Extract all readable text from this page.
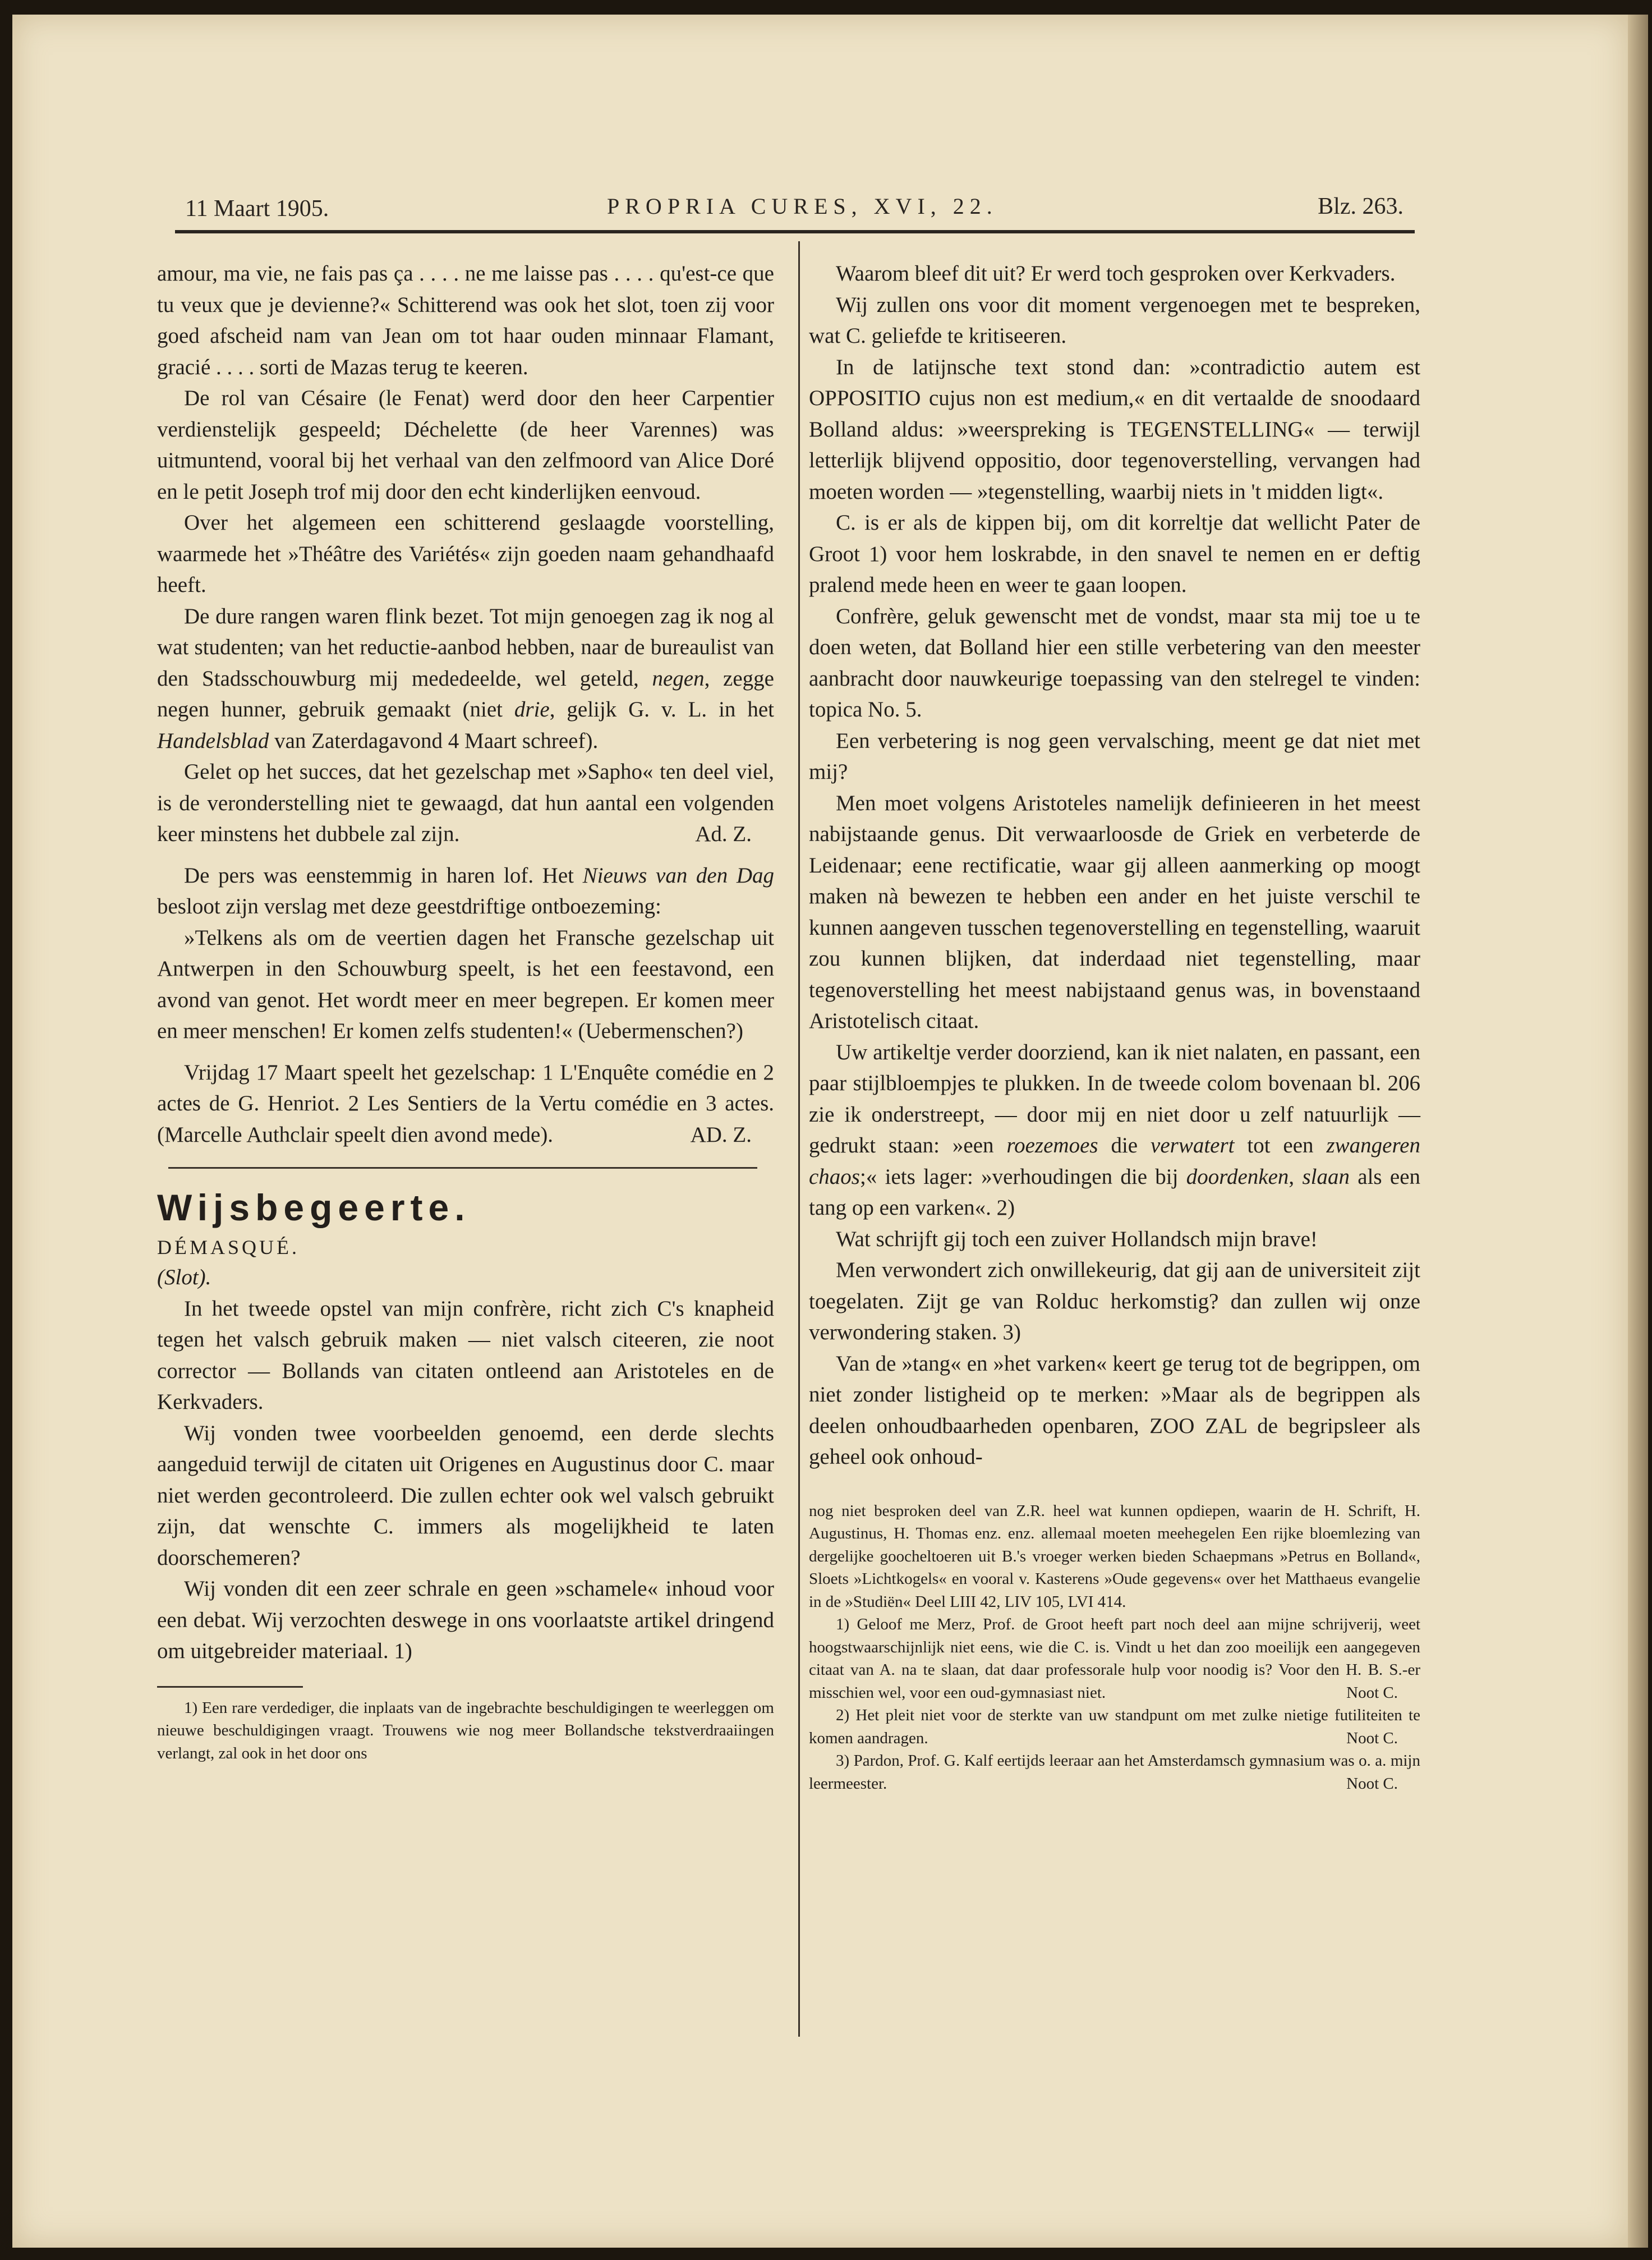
11 Maart 1905.	PROPRIA CURES, XVI, 22.	Blz. 263.

amour, ma vie, ne fais pas ça . . . . ne me laisse pas . . . . qu'est-ce que tu veux que je devienne?« Schitterend was ook het slot, toen zij voor goed afscheid nam van Jean om tot haar ouden minnaar Flamant, gracié . . . . sorti de Mazas terug te keeren.

De rol van Césaire (le Fenat) werd door den heer Carpentier verdienstelijk gespeeld; Déchelette (de heer Varennes) was uitmuntend, vooral bij het verhaal van den zelfmoord van Alice Doré en le petit Joseph trof mij door den echt kinderlijken eenvoud.

Over het algemeen een schitterend geslaagde voorstelling, waarmede het »Théâtre des Variétés« zijn goeden naam gehandhaafd heeft.

De dure rangen waren flink bezet. Tot mijn genoegen zag ik nog al wat studenten; van het reductie-aanbod hebben, naar de bureaulist van den Stadsschouwburg mij mededeelde, wel geteld, negen, zegge negen hunner, gebruik gemaakt (niet drie, gelijk G. v. L. in het Handelsblad van Zaterdagavond 4 Maart schreef).

Gelet op het succes, dat het gezelschap met »Sapho« ten deel viel, is de veronderstelling niet te gewaagd, dat hun aantal een volgenden keer minstens het dubbele zal zijn.	Ad. Z.

De pers was eenstemmig in haren lof. Het Nieuws van den Dag besloot zijn verslag met deze geestdriftige ontboezeming:

»Telkens als om de veertien dagen het Fransche gezelschap uit Antwerpen in den Schouwburg speelt, is het een feestavond, een avond van genot. Het wordt meer en meer begrepen. Er komen meer en meer menschen! Er komen zelfs studenten!« (Uebermenschen?)

Vrijdag 17 Maart speelt het gezelschap: 1 L'Enquête comédie en 2 actes de G. Henriot. 2 Les Sentiers de la Vertu comédie en 3 actes. (Marcelle Authclair speelt dien avond mede).	AD. Z.

Wijsbegeerte.

DÉMASQUÉ.

(Slot).

In het tweede opstel van mijn confrère, richt zich C's knapheid tegen het valsch gebruik maken — niet valsch citeeren, zie noot corrector — Bollands van citaten ontleend aan Aristoteles en de Kerkvaders.

Wij vonden twee voorbeelden genoemd, een derde slechts aangeduid terwijl de citaten uit Origenes en Augustinus door C. maar niet werden gecontroleerd. Die zullen echter ook wel valsch gebruikt zijn, dat wenschte C. immers als mogelijkheid te laten doorschemeren?

Wij vonden dit een zeer schrale en geen »schamele« inhoud voor een debat. Wij verzochten deswege in ons voorlaatste artikel dringend om uitgebreider materiaal. 1)

1) Een rare verdediger, die inplaats van de ingebrachte beschuldigingen te weerleggen om nieuwe beschuldigingen vraagt. Trouwens wie nog meer Bollandsche tekstverdraaiingen verlangt, zal ook in het door ons

Waarom bleef dit uit? Er werd toch gesproken over Kerkvaders.

Wij zullen ons voor dit moment vergenoegen met te bespreken, wat C. geliefde te kritiseeren.

In de latijnsche text stond dan: »contradictio autem est OPPOSITIO cujus non est medium,« en dit vertaalde de snoodaard Bolland aldus: »weerspreking is TEGENSTELLING« — terwijl letterlijk blijvend oppositio, door tegenoverstelling, vervangen had moeten worden — »tegenstelling, waarbij niets in 't midden ligt«.

C. is er als de kippen bij, om dit korreltje dat wellicht Pater de Groot 1) voor hem loskrabde, in den snavel te nemen en er deftig pralend mede heen en weer te gaan loopen.

Confrère, geluk gewenscht met de vondst, maar sta mij toe u te doen weten, dat Bolland hier een stille verbetering van den meester aanbracht door nauwkeurige toepassing van den stelregel te vinden: topica No. 5.

Een verbetering is nog geen vervalsching, meent ge dat niet met mij?

Men moet volgens Aristoteles namelijk definieeren in het meest nabijstaande genus. Dit verwaarloosde de Griek en verbeterde de Leidenaar; eene rectificatie, waar gij alleen aanmerking op moogt maken nà bewezen te hebben een ander en het juiste verschil te kunnen aangeven tusschen tegenoverstelling en tegenstelling, waaruit zou kunnen blijken, dat inderdaad niet tegenstelling, maar tegenoverstelling het meest nabijstaand genus was, in bovenstaand Aristotelisch citaat.

Uw artikeltje verder doorziend, kan ik niet nalaten, en passant, een paar stijlbloempjes te plukken. In de tweede colom bovenaan bl. 206 zie ik onderstreept, — door mij en niet door u zelf natuurlijk — gedrukt staan: »een roezemoes die verwatert tot een zwangeren chaos;« iets lager: »verhoudingen die bij doordenken, slaan als een tang op een varken«. 2)

Wat schrijft gij toch een zuiver Hollandsch mijn brave!

Men verwondert zich onwillekeurig, dat gij aan de universiteit zijt toegelaten. Zijt ge van Rolduc herkomstig? dan zullen wij onze verwondering staken. 3)

Van de »tang« en »het varken« keert ge terug tot de begrippen, om niet zonder listigheid op te merken: »Maar als de begrippen als deelen onhoudbaarheden openbaren, ZOO ZAL de begripsleer als geheel ook onhoud-

nog niet besproken deel van Z.R. heel wat kunnen opdiepen, waarin de H. Schrift, H. Augustinus, H. Thomas enz. enz. allemaal moeten meehegelen Een rijke bloemlezing van dergelijke goocheltoeren uit B.'s vroeger werken bieden Schaepmans »Petrus en Bolland«, Sloets »Lichtkogels« en vooral v. Kasterens »Oude gegevens« over het Matthaeus evangelie in de »Studiën« Deel LIII 42, LIV 105, LVI 414.

1) Geloof me Merz, Prof. de Groot heeft part noch deel aan mijne schrijverij, weet hoogstwaarschijnlijk niet eens, wie die C. is. Vindt u het dan zoo moeilijk een aangegeven citaat van A. na te slaan, dat daar professorale hulp voor noodig is? Voor den H. B. S.-er misschien wel, voor een oud-gymnasiast niet.	Noot C.

2) Het pleit niet voor de sterkte van uw standpunt om met zulke nietige futiliteiten te komen aandragen.	Noot C.

3) Pardon, Prof. G. Kalf eertijds leeraar aan het Amsterdamsch gymnasium was o. a. mijn leermeester.	Noot C.
